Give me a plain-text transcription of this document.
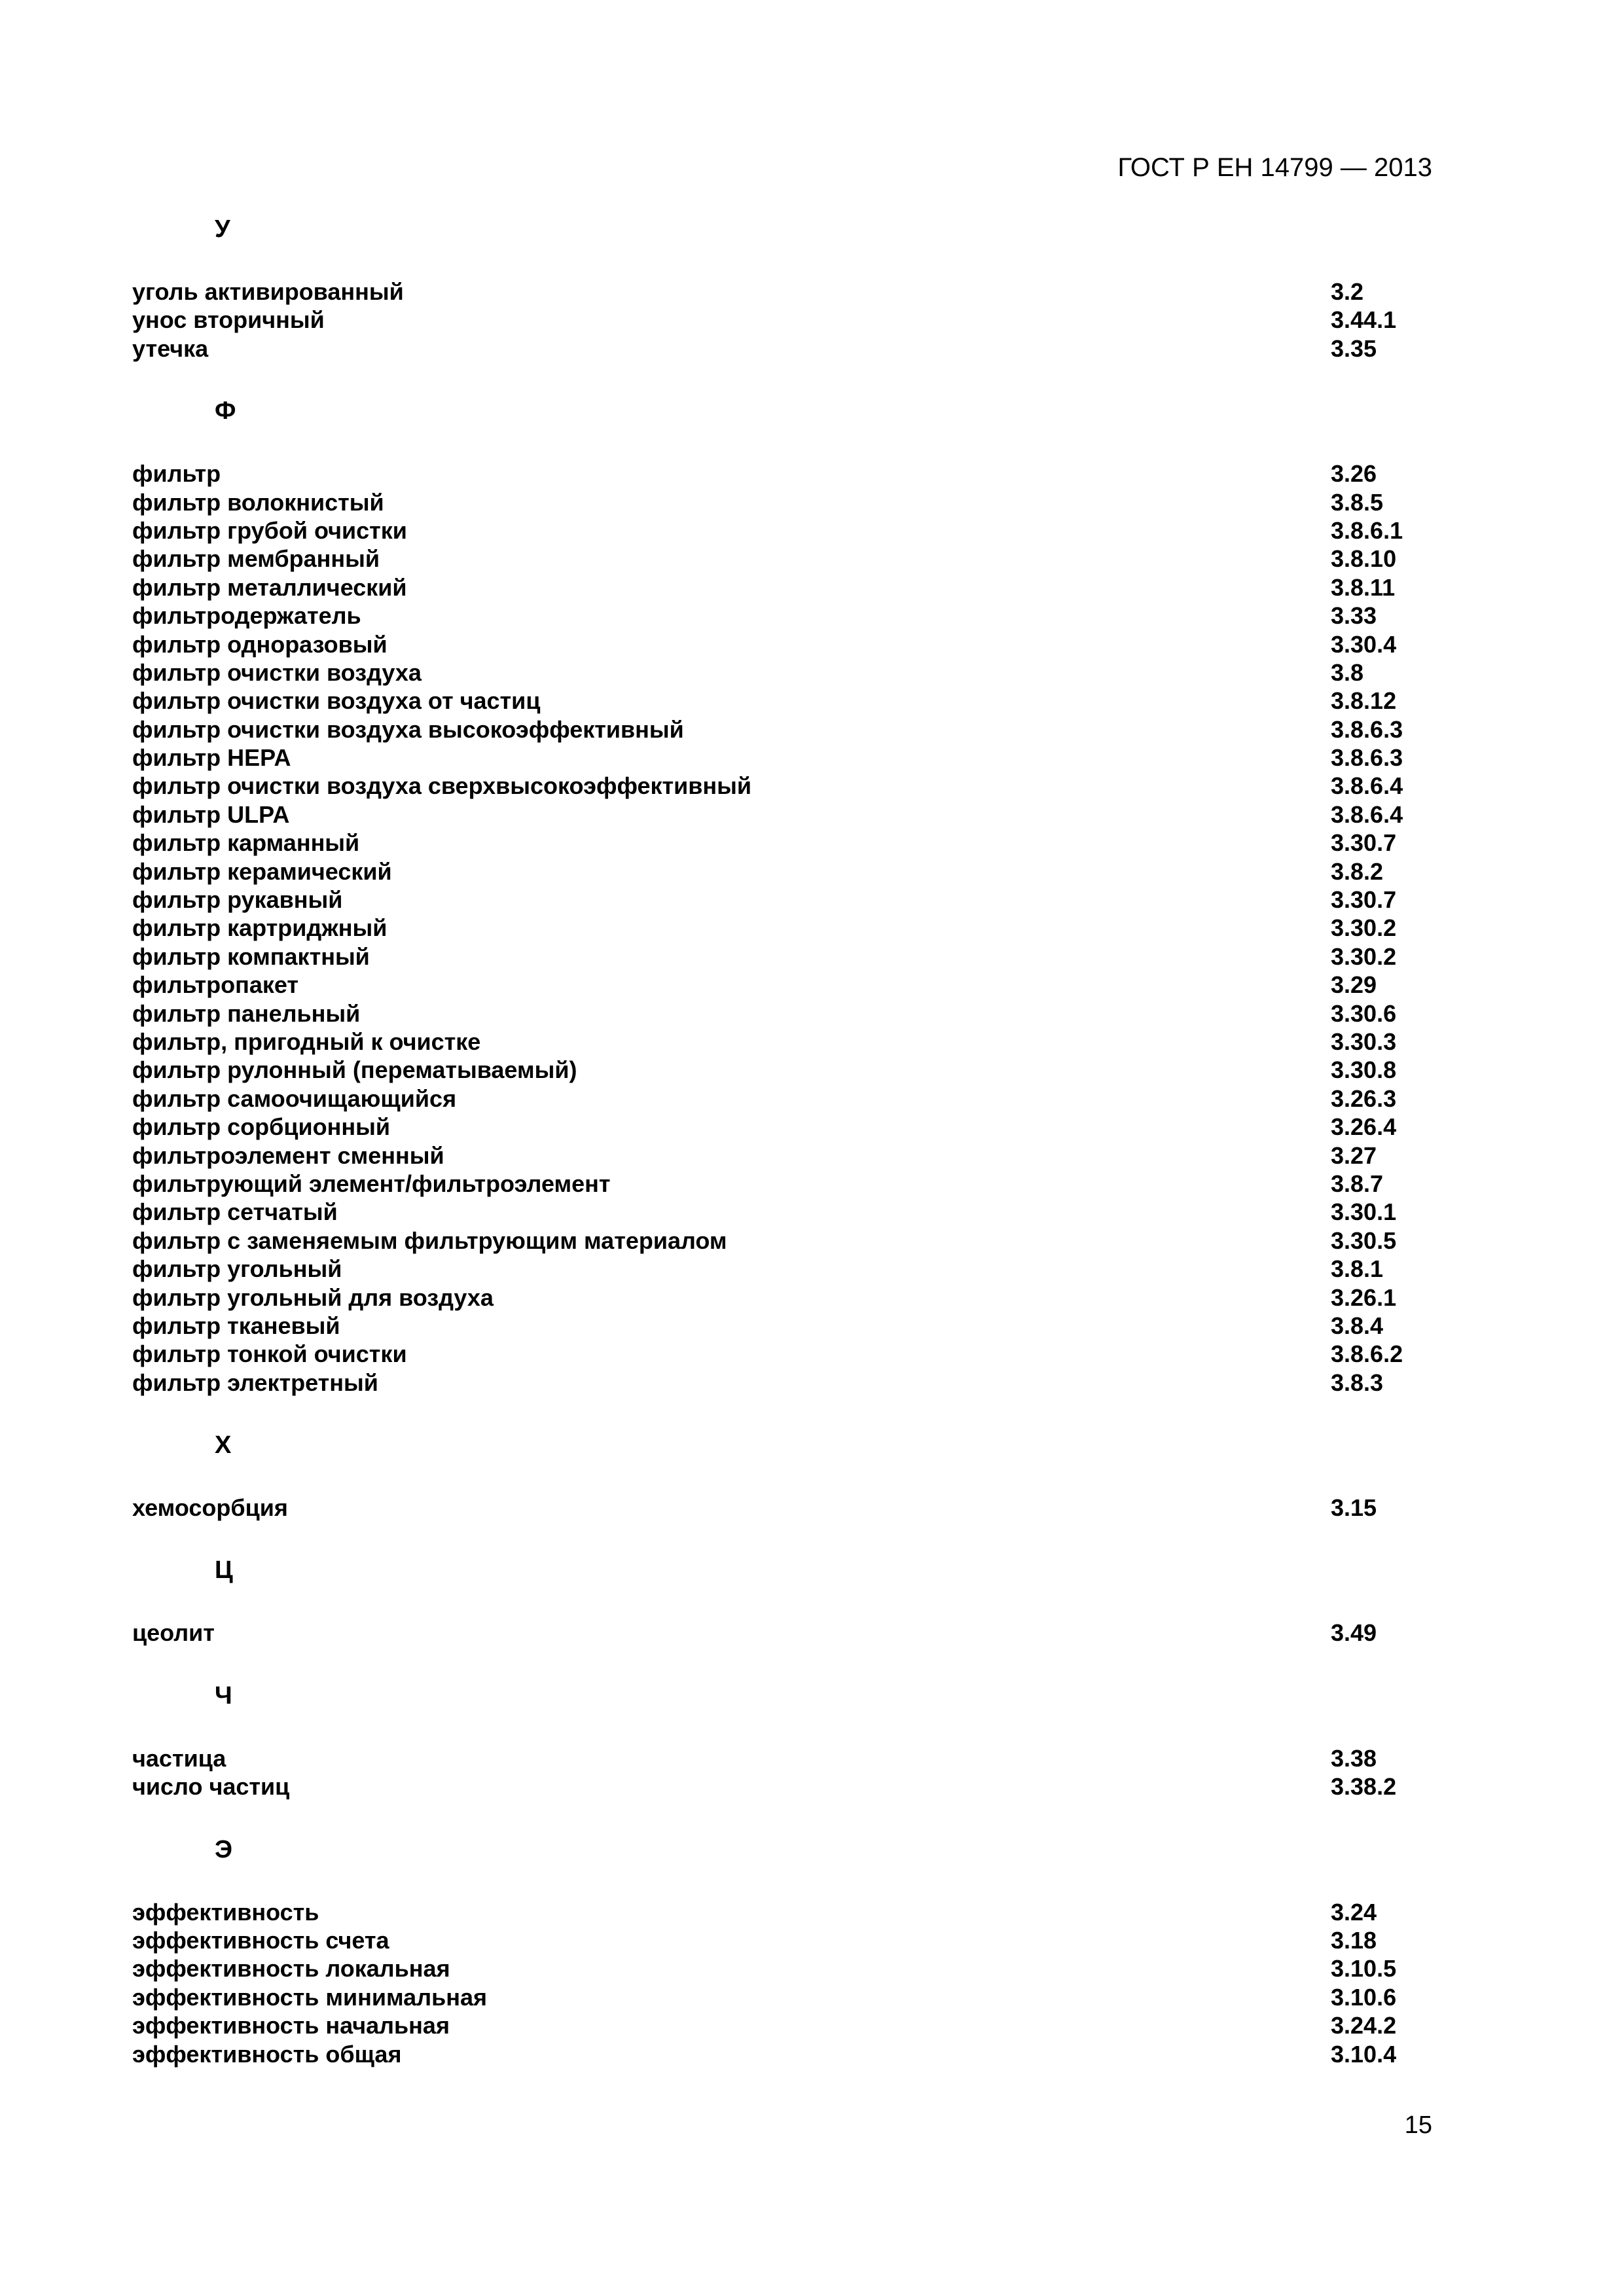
ГОСТ Р ЕН 14799 — 2013
У
уголь активированный	3.2
унос вторичный	3.44.1
утечка	3.35
Ф
фильтр	3.26
фильтр волокнистый	3.8.5
фильтр грубой очистки	3.8.6.1
фильтр мембранный	3.8.10
фильтр металлический	3.8.11
фильтродержатель	3.33
фильтр одноразовый	3.30.4
фильтр очистки воздуха	3.8
фильтр очистки воздуха от частиц	3.8.12
фильтр очистки воздуха высокоэффективный	3.8.6.3
фильтр HEPA	3.8.6.3
фильтр очистки воздуха сверхвысокоэффективный	3.8.6.4
фильтр ULPA	3.8.6.4
фильтр карманный	3.30.7
фильтр керамический	3.8.2
фильтр рукавный	3.30.7
фильтр картриджный	3.30.2
фильтр компактный	3.30.2
фильтропакет	3.29
фильтр панельный	3.30.6
фильтр, пригодный к очистке	3.30.3
фильтр рулонный (перематываемый)	3.30.8
фильтр самоочищающийся	3.26.3
фильтр сорбционный	3.26.4
фильтроэлемент сменный	3.27
фильтрующий элемент/фильтроэлемент	3.8.7
фильтр сетчатый	3.30.1
фильтр с заменяемым фильтрующим материалом	3.30.5
фильтр угольный	3.8.1
фильтр угольный для воздуха	3.26.1
фильтр тканевый	3.8.4
фильтр тонкой очистки	3.8.6.2
фильтр электретный	3.8.3
Х
хемосорбция	3.15
Ц
цеолит	3.49
Ч
частица	3.38
число частиц	3.38.2
Э
эффективность	3.24
эффективность счета	3.18
эффективность локальная	3.10.5
эффективность минимальная	3.10.6
эффективность начальная	3.24.2
эффективность общая	3.10.4
15
